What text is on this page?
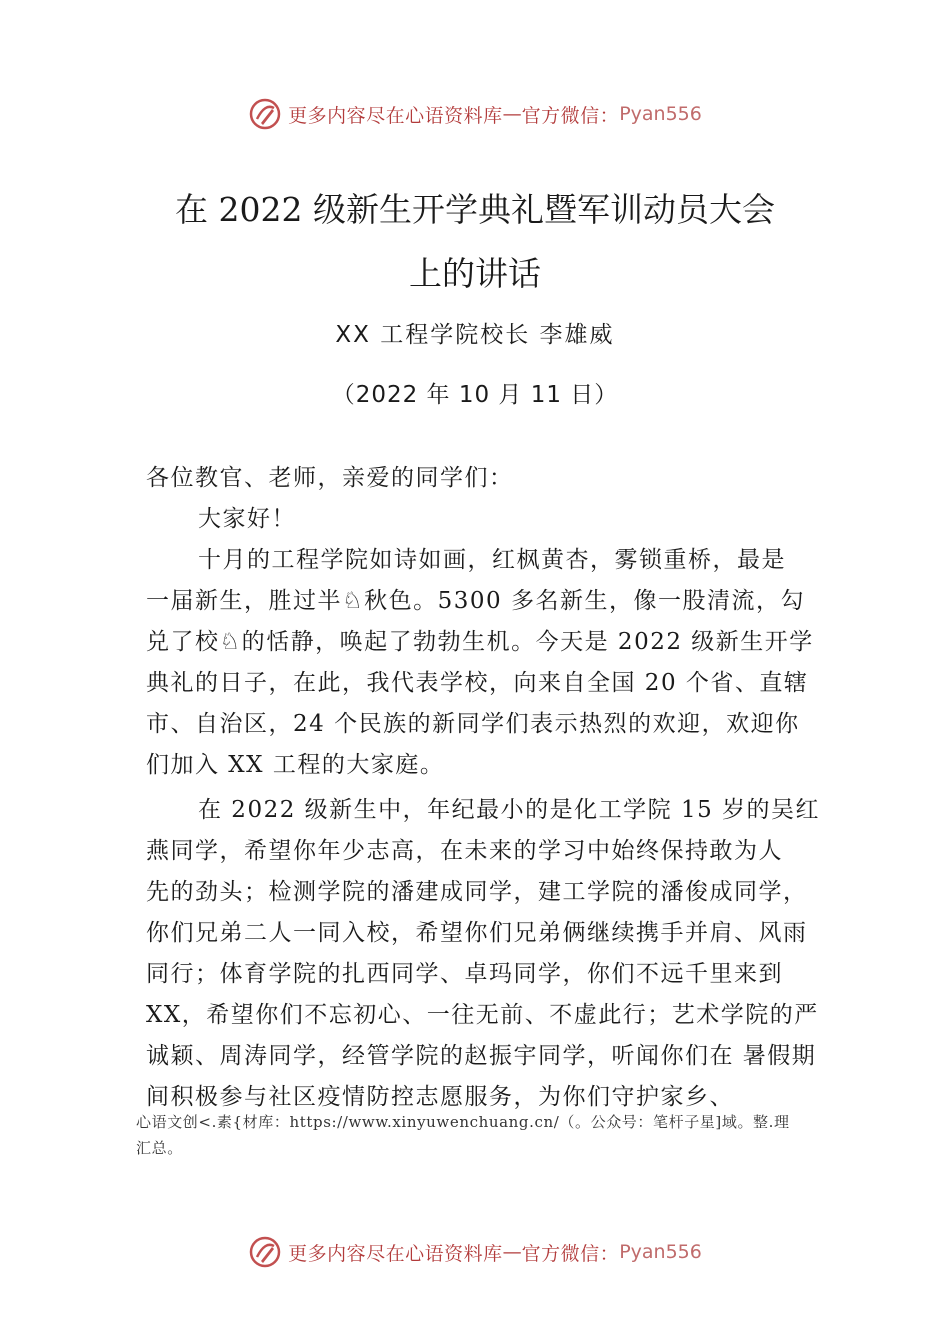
更多内容尽在心语资料库 — 官方微信： Pyan556
在 2022 级新生开学典礼暨军训动员大会
上的讲话
XX 工程学院校长 李雄威
（2022 年 10 月 11 日）
各位教官、老师，亲爱的同学们：
大家好！
十月的工程学院如诗如画，红枫黄杏，雾锁重桥，最是
一届新生，胜过半♘秋色。5300 多名新生，像一股清流，勾
兑了校♘的恬静，唤起了勃勃生机。今天是 2022 级新生开学
典礼的日子，在此，我代表学校，向来自全国 20 个省、直辖
市、自治区，24 个民族的新同学们表示热烈的欢迎，欢迎你
们加入 XX 工程的大家庭。
在 2022 级新生中，年纪最小的是化工学院 15 岁的吴红
燕同学，希望你年少志高，在未来的学习中始终保持敢为人
先的劲头；检测学院的潘建成同学，建工学院的潘俊成同学，
你们兄弟二人一同入校，希望你们兄弟俩继续携手并肩、风雨
同行；体育学院的扎西同学、卓玛同学，你们不远千里来到
XX，希望你们不忘初心、一往无前、不虚此行；艺术学院的严
诚颖、周涛同学，经管学院的赵振宇同学，听闻你们在 暑假期
间积极参与社区疫情防控志愿服务，为你们守护家乡、
心语文创<.素{材库：https://www.xinyuwenchuang.cn/（。公众号：笔杆子星]域。整.理
汇总。
更多内容尽在心语资料库 — 官方微信： Pyan556
